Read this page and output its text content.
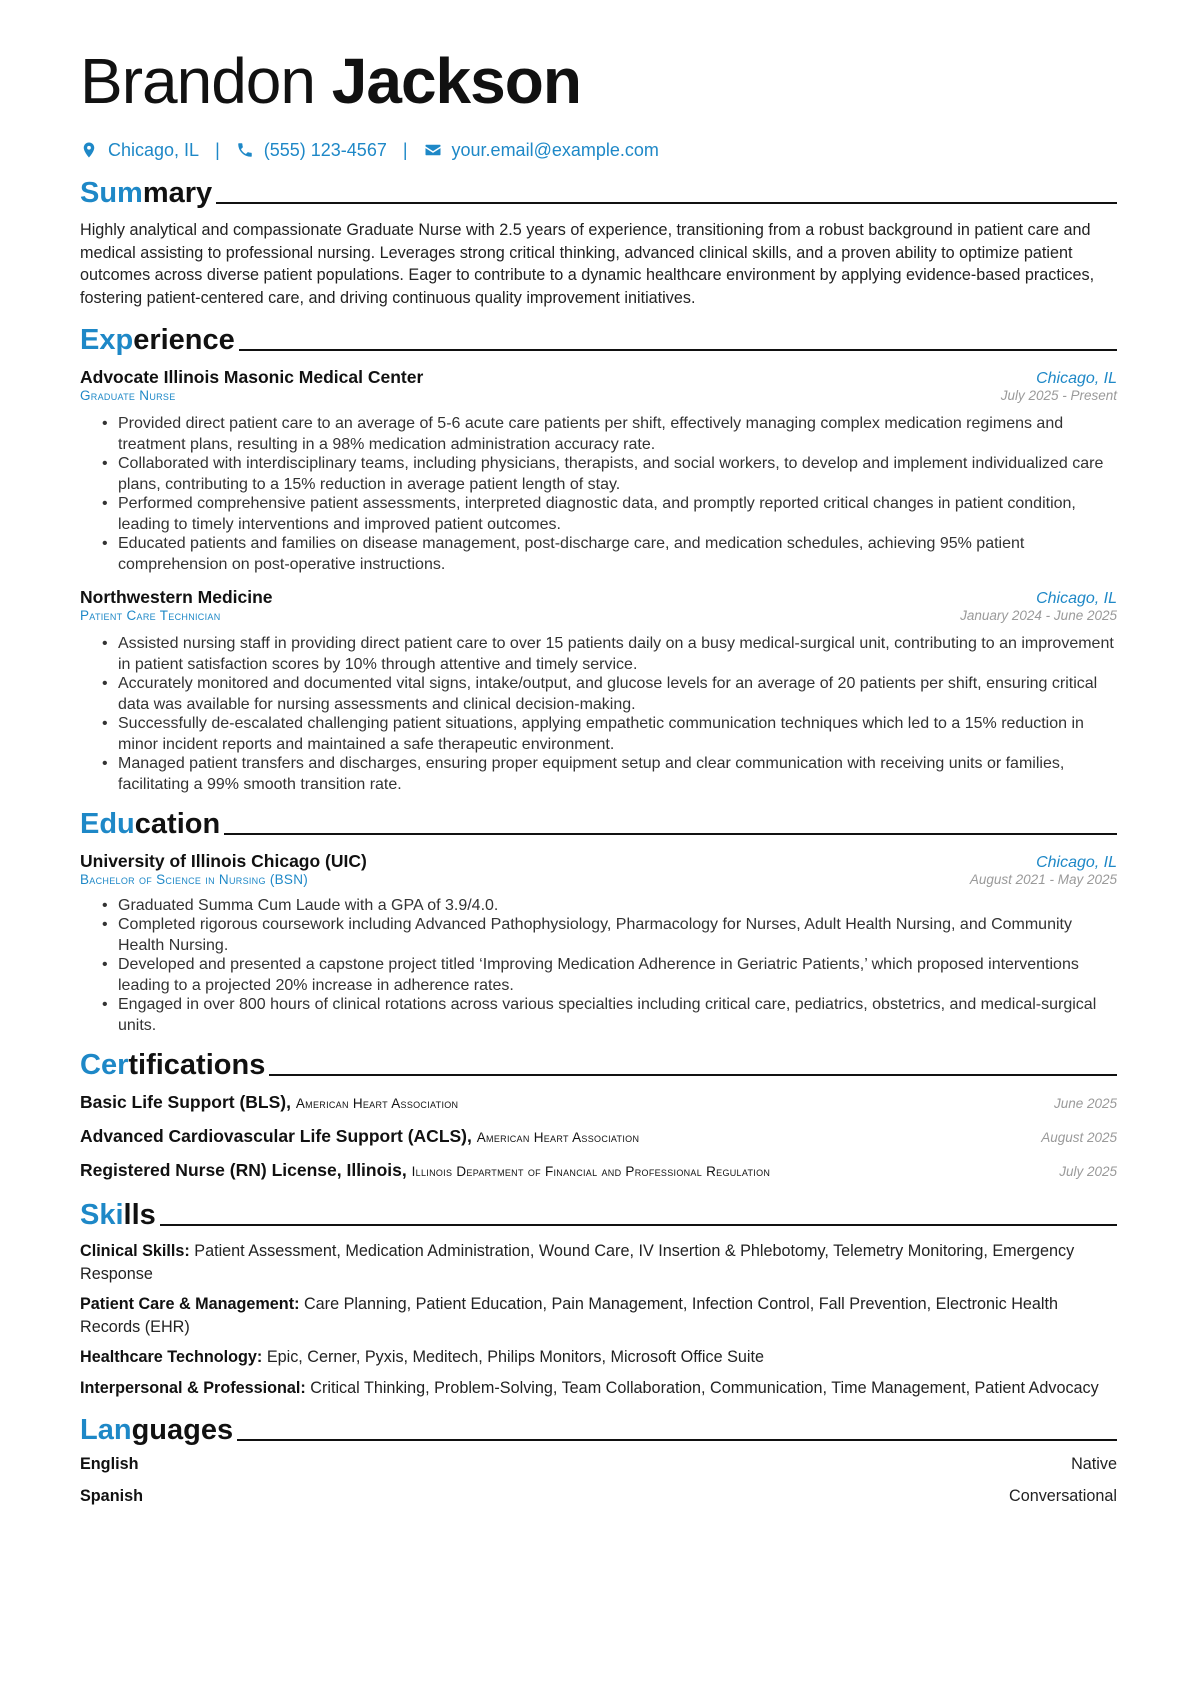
Brandon Jackson
Chicago, IL | (555) 123-4567 | your.email@example.com
Summary

Highly analytical and compassionate Graduate Nurse with 2.5 years of experience, transitioning from a robust background in patient care and medical assisting to professional nursing. Leverages strong critical thinking, advanced clinical skills, and a proven ability to optimize patient outcomes across diverse patient populations. Eager to contribute to a dynamic healthcare environment by applying evidence-based practices, fostering patient-centered care, and driving continuous quality improvement initiatives.

Experience
Advocate Illinois Masonic Medical Center	Chicago, IL
Graduate Nurse	July 2025 - Present
• Provided direct patient care to an average of 5-6 acute care patients per shift, effectively managing complex medication regimens and treatment plans, resulting in a 98% medication administration accuracy rate.
• Collaborated with interdisciplinary teams, including physicians, therapists, and social workers, to develop and implement individualized care plans, contributing to a 15% reduction in average patient length of stay.
• Performed comprehensive patient assessments, interpreted diagnostic data, and promptly reported critical changes in patient condition, leading to timely interventions and improved patient outcomes.
• Educated patients and families on disease management, post-discharge care, and medication schedules, achieving 95% patient comprehension on post-operative instructions.
Northwestern Medicine	Chicago, IL
Patient Care Technician	January 2024 - June 2025
• Assisted nursing staff in providing direct patient care to over 15 patients daily on a busy medical-surgical unit, contributing to an improvement in patient satisfaction scores by 10% through attentive and timely service.
• Accurately monitored and documented vital signs, intake/output, and glucose levels for an average of 20 patients per shift, ensuring critical data was available for nursing assessments and clinical decision-making.
• Successfully de-escalated challenging patient situations, applying empathetic communication techniques which led to a 15% reduction in minor incident reports and maintained a safe therapeutic environment.
• Managed patient transfers and discharges, ensuring proper equipment setup and clear communication with receiving units or families, facilitating a 99% smooth transition rate.
Education
University of Illinois Chicago (UIC)	Chicago, IL
Bachelor of Science in Nursing (BSN)	August 2021 - May 2025
• Graduated Summa Cum Laude with a GPA of 3.9/4.0.
• Completed rigorous coursework including Advanced Pathophysiology, Pharmacology for Nurses, Adult Health Nursing, and Community Health Nursing.
• Developed and presented a capstone project titled ‘Improving Medication Adherence in Geriatric Patients,’ which proposed interventions leading to a projected 20% increase in adherence rates.
• Engaged in over 800 hours of clinical rotations across various specialties including critical care, pediatrics, obstetrics, and medical-surgical units.
Certifications
Basic Life Support (BLS), American Heart Association	June 2025
Advanced Cardiovascular Life Support (ACLS), American Heart Association	August 2025
Registered Nurse (RN) License, Illinois, Illinois Department of Financial and Professional Regulation	July 2025
Skills
Clinical Skills: Patient Assessment, Medication Administration, Wound Care, IV Insertion & Phlebotomy, Telemetry Monitoring, Emergency Response
Patient Care & Management: Care Planning, Patient Education, Pain Management, Infection Control, Fall Prevention, Electronic Health Records (EHR)
Healthcare Technology: Epic, Cerner, Pyxis, Meditech, Philips Monitors, Microsoft Office Suite
Interpersonal & Professional: Critical Thinking, Problem-Solving, Team Collaboration, Communication, Time Management, Patient Advocacy
Languages
English	Native
Spanish	Conversational
